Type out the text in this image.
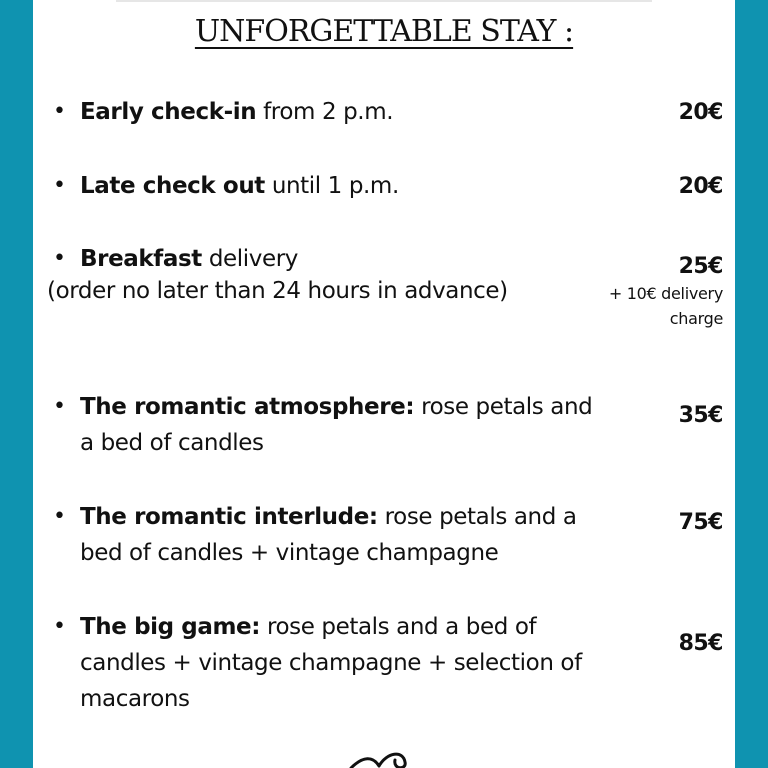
UNFORGETTABLE STAY :
• Early check-in from 2 p.m.	20€
• Late check out until 1 p.m.	20€
• Breakfast delivery
(order no later than 24 hours in advance)
25€
+ 10€ delivery charge
• The romantic atmosphere: rose petals and a bed of candles
35€
• The romantic interlude: rose petals and a bed of candles + vintage champagne
75€
• The big game: rose petals and a bed of candles + vintage champagne + selection of macarons
85€
